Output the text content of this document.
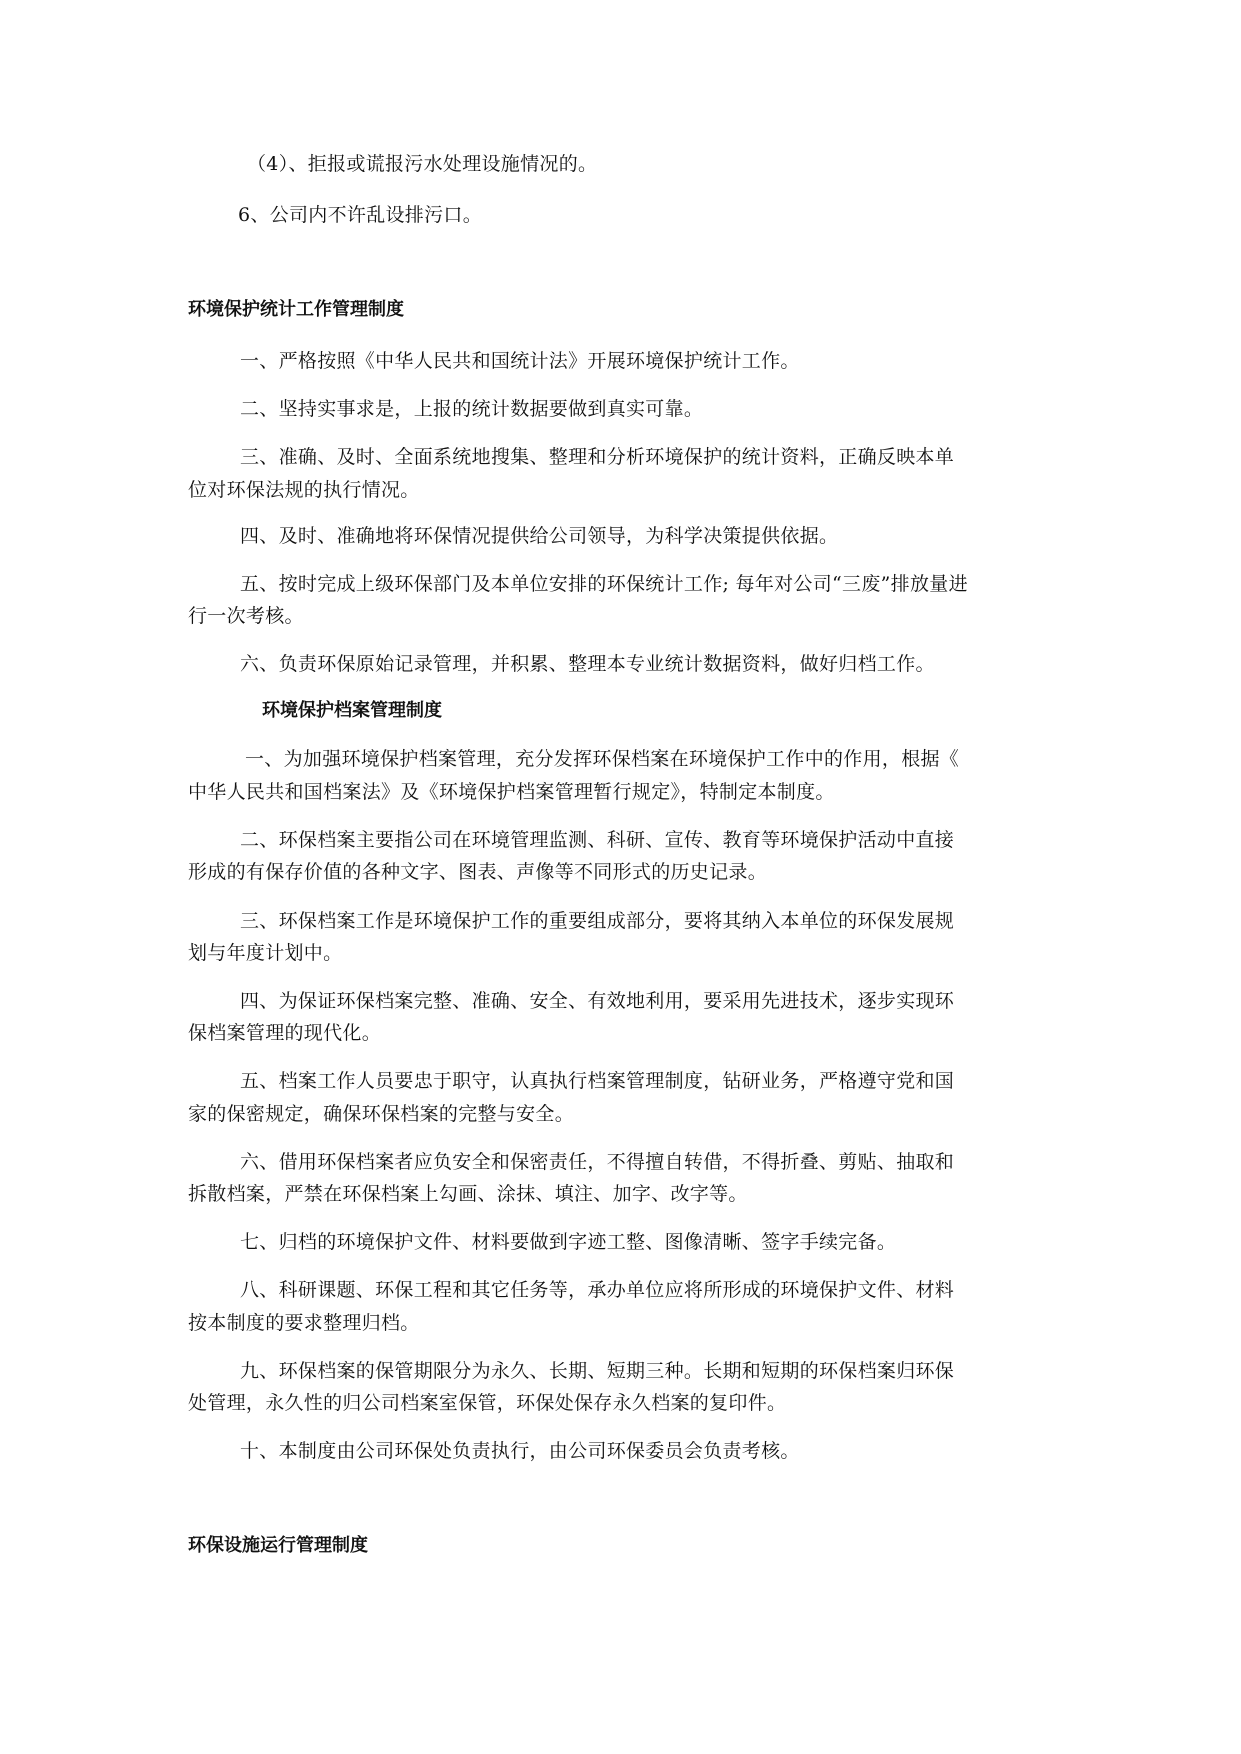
（4）、拒报或谎报污水处理设施情况的。
6、公司内不许乱设排污口。
环境保护统计工作管理制度
一、严格按照《中华人民共和国统计法》开展环境保护统计工作。
二、坚持实事求是，上报的统计数据要做到真实可靠。
三、准确、及时、全面系统地搜集、整理和分析环境保护的统计资料，正确反映本单
位对环保法规的执行情况。
四、及时、准确地将环保情况提供给公司领导，为科学决策提供依据。
五、按时完成上级环保部门及本单位安排的环保统计工作; 每年对公司“三废”排放量进
行一次考核。
六、负责环保原始记录管理，并积累、整理本专业统计数据资料，做好归档工作。
环境保护档案管理制度
一、为加强环境保护档案管理，充分发挥环保档案在环境保护工作中的作用，根据《
中华人民共和国档案法》及《环境保护档案管理暂行规定》，特制定本制度。
二、环保档案主要指公司在环境管理监测、科研、宣传、教育等环境保护活动中直接
形成的有保存价值的各种文字、图表、声像等不同形式的历史记录。
三、环保档案工作是环境保护工作的重要组成部分，要将其纳入本单位的环保发展规
划与年度计划中。
四、为保证环保档案完整、准确、安全、有效地利用，要采用先进技术，逐步实现环
保档案管理的现代化。
五、档案工作人员要忠于职守，认真执行档案管理制度，钻研业务，严格遵守党和国
家的保密规定，确保环保档案的完整与安全。
六、借用环保档案者应负安全和保密责任，不得擅自转借，不得折叠、剪贴、抽取和
拆散档案，严禁在环保档案上勾画、涂抹、填注、加字、改字等。
七、归档的环境保护文件、材料要做到字迹工整、图像清晰、签字手续完备。
八、科研课题、环保工程和其它任务等，承办单位应将所形成的环境保护文件、材料
按本制度的要求整理归档。
九、环保档案的保管期限分为永久、长期、短期三种。长期和短期的环保档案归环保
处管理，永久性的归公司档案室保管，环保处保存永久档案的复印件。
十、本制度由公司环保处负责执行，由公司环保委员会负责考核。
环保设施运行管理制度
